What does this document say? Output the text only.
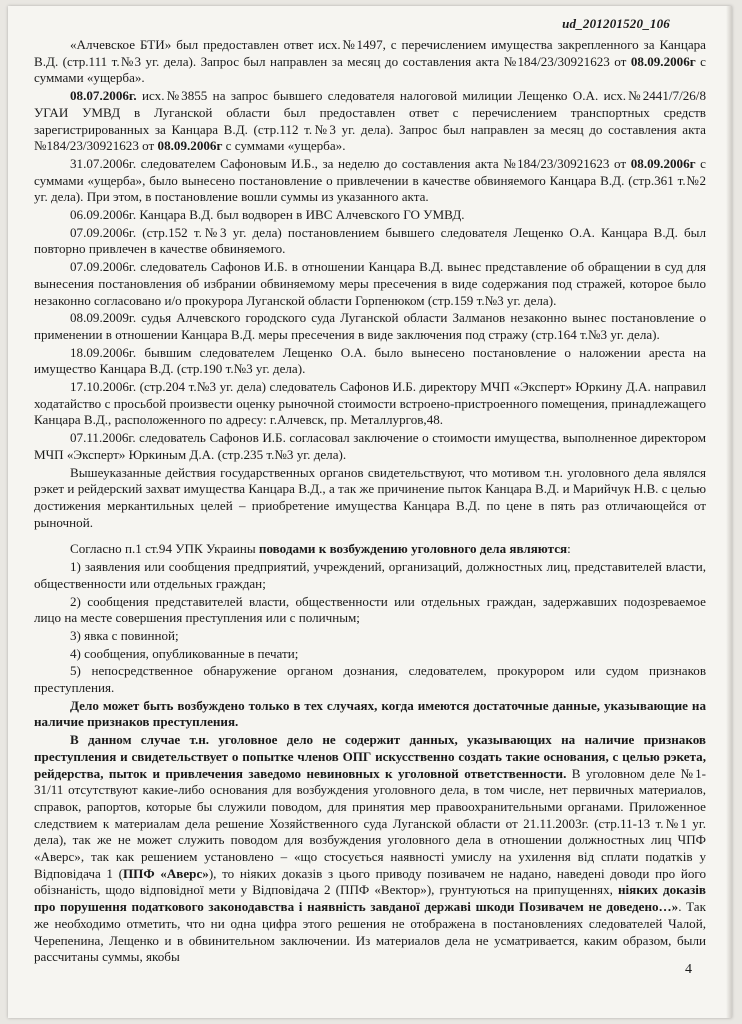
ud_201201520_106

«Алчевское БТИ» был предоставлен ответ исх.№1497, с перечислением имущества закрепленного за Канцара В.Д. (стр.111 т.№3 уг. дела). Запрос был направлен за месяц до составления акта №184/23/30921623 от 08.09.2006г с суммами «ущерба».

08.07.2006г. исх.№3855 на запрос бывшего следователя налоговой милиции Лещенко О.А. исх.№2441/7/26/8 УГАИ УМВД в Луганской области был предоставлен ответ с перечислением транспортных средств зарегистрированных за Канцара В.Д. (стр.112 т.№3 уг. дела). Запрос был направлен за месяц до составления акта №184/23/30921623 от 08.09.2006г с суммами «ущерба».

31.07.2006г. следователем Сафоновым И.Б., за неделю до составления акта №184/23/30921623 от 08.09.2006г с суммами «ущерба», было вынесено постановление о привлечении в качестве обвиняемого Канцара В.Д. (стр.361 т.№2 уг. дела). При этом, в постановление вошли суммы из указанного акта.

06.09.2006г. Канцара В.Д. был водворен в ИВС Алчевского ГО УМВД.

07.09.2006г. (стр.152 т.№3 уг. дела) постановлением бывшего следователя Лещенко О.А. Канцара В.Д. был повторно привлечен в качестве обвиняемого.

07.09.2006г. следователь Сафонов И.Б. в отношении Канцара В.Д. вынес представление об обращении в суд для вынесения постановления об избрании обвиняемому меры пресечения в виде содержания под стражей, которое было незаконно согласовано и/о прокурора Луганской области Горпенюком (стр.159 т.№3 уг. дела).

08.09.2009г. судья Алчевского городского суда Луганской области Залманов незаконно вынес постановление о применении в отношении Канцара В.Д. меры пресечения в виде заключения под стражу (стр.164 т.№3 уг. дела).

18.09.2006г. бывшим следователем Лещенко О.А. было вынесено постановление о наложении ареста на имущество Канцара В.Д. (стр.190 т.№3 уг. дела).

17.10.2006г. (стр.204 т.№3 уг. дела) следователь Сафонов И.Б. директору МЧП «Эксперт» Юркину Д.А. направил ходатайство с просьбой произвести оценку рыночной стоимости встроено-пристроенного помещения, принадлежащего Канцара В.Д., расположенного по адресу: г.Алчевск, пр. Металлургов,48.

07.11.2006г. следователь Сафонов И.Б. согласовал заключение о стоимости имущества, выполненное директором МЧП «Эксперт» Юркиным Д.А. (стр.235 т.№3 уг. дела).

Вышеуказанные действия государственных органов свидетельствуют, что мотивом т.н. уголовного дела являлся рэкет и рейдерский захват имущества Канцара В.Д., а так же причинение пыток Канцара В.Д. и Марийчук Н.В. с целью достижения меркантильных целей – приобретение имущества Канцара В.Д. по цене в пять раз отличающейся от рыночной.

Согласно п.1 ст.94 УПК Украины поводами к возбуждению уголовного дела являются:

1) заявления или сообщения предприятий, учреждений, организаций, должностных лиц, представителей власти, общественности или отдельных граждан;

2) сообщения представителей власти, общественности или отдельных граждан, задержавших подозреваемое лицо на месте совершения преступления или с поличным;

3) явка с повинной;

4) сообщения, опубликованные в печати;

5) непосредственное обнаружение органом дознания, следователем, прокурором или судом признаков преступления.

Дело может быть возбуждено только в тех случаях, когда имеются достаточные данные, указывающие на наличие признаков преступления.

В данном случае т.н. уголовное дело не содержит данных, указывающих на наличие признаков преступления и свидетельствует о попытке членов ОПГ искусственно создать такие основания, с целью рэкета, рейдерства, пыток и привлечения заведомо невиновных к уголовной ответственности. В уголовном деле №1-31/11 отсутствуют какие-либо основания для возбуждения уголовного дела, в том числе, нет первичных материалов, справок, рапортов, которые бы служили поводом, для принятия мер правоохранительными органами. Приложенное следствием к материалам дела решение Хозяйственного суда Луганской области от 21.11.2003г. (стр.11-13 т.№1 уг. дела), так же не может служить поводом для возбуждения уголовного дела в отношении должностных лиц ЧПФ «Аверс», так как решением установлено – «що стосується наявності умислу на ухилення від сплати податків у Відповідача 1 (ППФ «Аверс»), то ніяких доказів з цього приводу позивачем не надано, наведені доводи про його обізнаність, щодо відповідної мети у Відповідача 2 (ППФ «Вектор»), грунтуються на припущеннях, ніяких доказів про порушення податкового законодавства і наявність завданої державі шкоди Позивачем не доведено…». Так же необходимо отметить, что ни одна цифра этого решения не отображена в постановлениях следователей Чалой, Черепенина, Лещенко и в обвинительном заключении. Из материалов дела не усматривается, каким образом, были рассчитаны суммы, якобы

4
